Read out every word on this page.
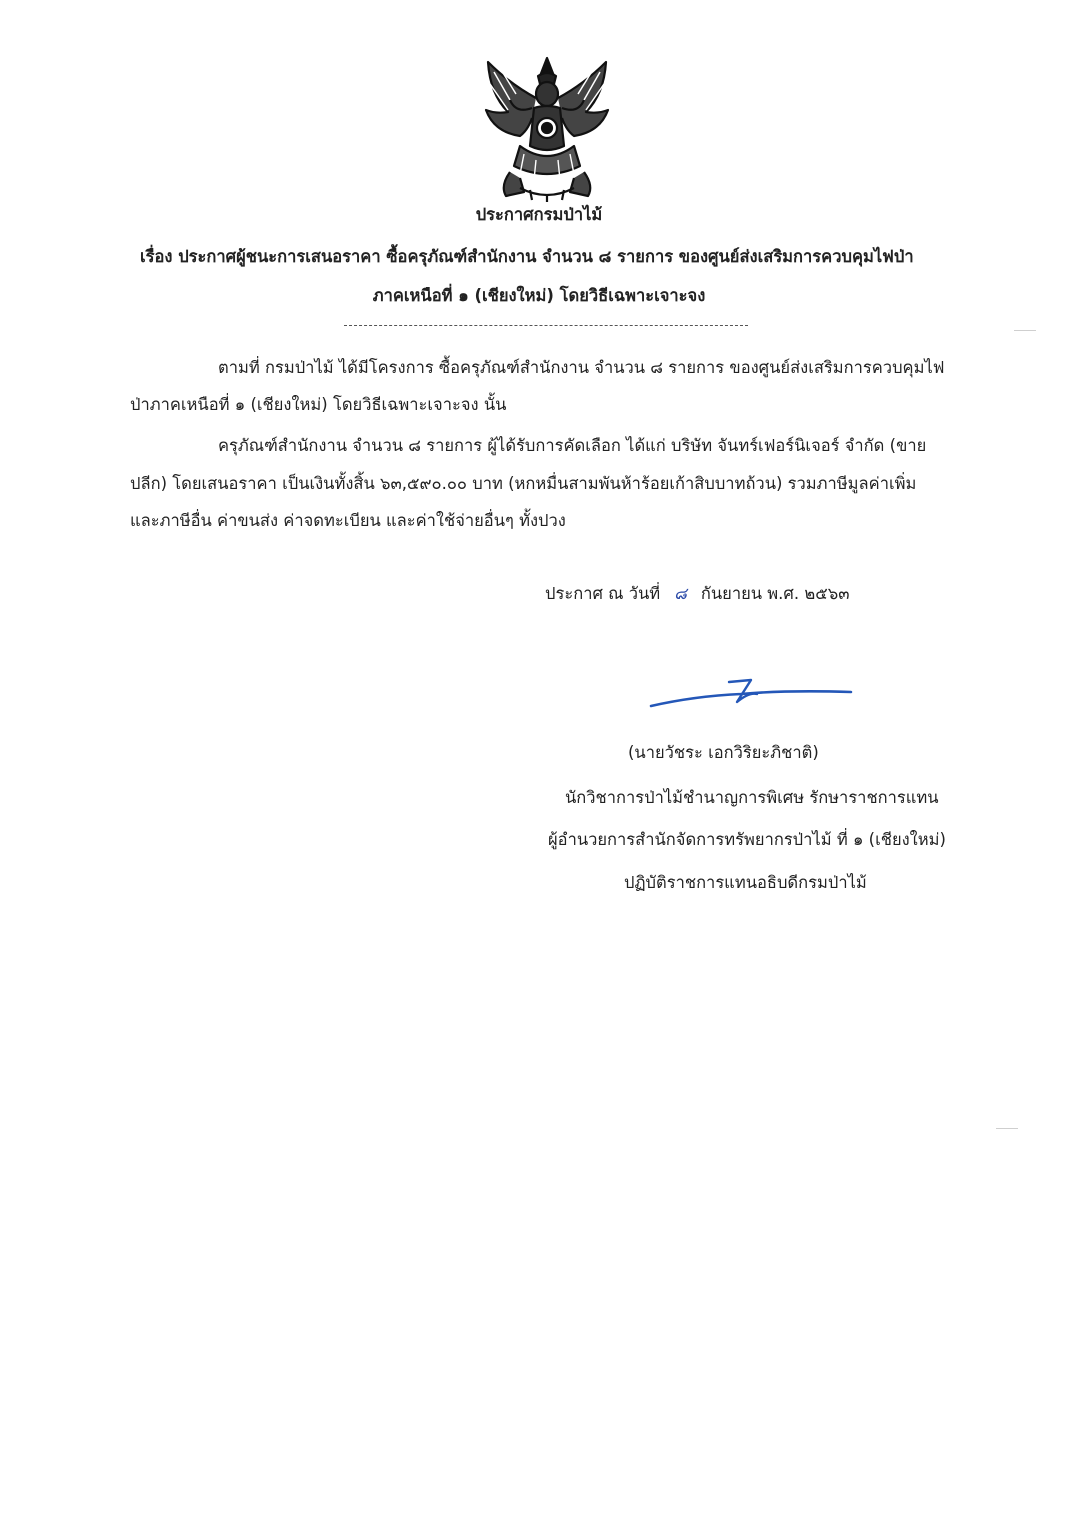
ประกาศกรมป่าไม้
เรื่อง ประกาศผู้ชนะการเสนอราคา ซื้อครุภัณฑ์สำนักงาน จำนวน ๘ รายการ ของศูนย์ส่งเสริมการควบคุมไฟป่า
ภาคเหนือที่ ๑ (เชียงใหม่) โดยวิธีเฉพาะเจาะจง
ตามที่ กรมป่าไม้ ได้มีโครงการ ซื้อครุภัณฑ์สำนักงาน จำนวน ๘ รายการ ของศูนย์ส่งเสริมการควบคุมไฟ
ป่าภาคเหนือที่ ๑ (เชียงใหม่) โดยวิธีเฉพาะเจาะจง นั้น
ครุภัณฑ์สำนักงาน จำนวน ๘ รายการ ผู้ได้รับการคัดเลือก ได้แก่ บริษัท จันทร์เฟอร์นิเจอร์ จำกัด (ขาย
ปลีก) โดยเสนอราคา เป็นเงินทั้งสิ้น ๖๓,๕๙๐.๐๐ บาท (หกหมื่นสามพันห้าร้อยเก้าสิบบาทถ้วน) รวมภาษีมูลค่าเพิ่ม
และภาษีอื่น ค่าขนส่ง ค่าจดทะเบียน และค่าใช้จ่ายอื่นๆ ทั้งปวง
ประกาศ ณ วันที่ ๘ กันยายน พ.ศ. ๒๕๖๓
(นายวัชระ เอกวิริยะภิชาติ)
นักวิชาการป่าไม้ชำนาญการพิเศษ รักษาราชการแทน
ผู้อำนวยการสำนักจัดการทรัพยากรป่าไม้ ที่ ๑ (เชียงใหม่)
ปฏิบัติราชการแทนอธิบดีกรมป่าไม้
